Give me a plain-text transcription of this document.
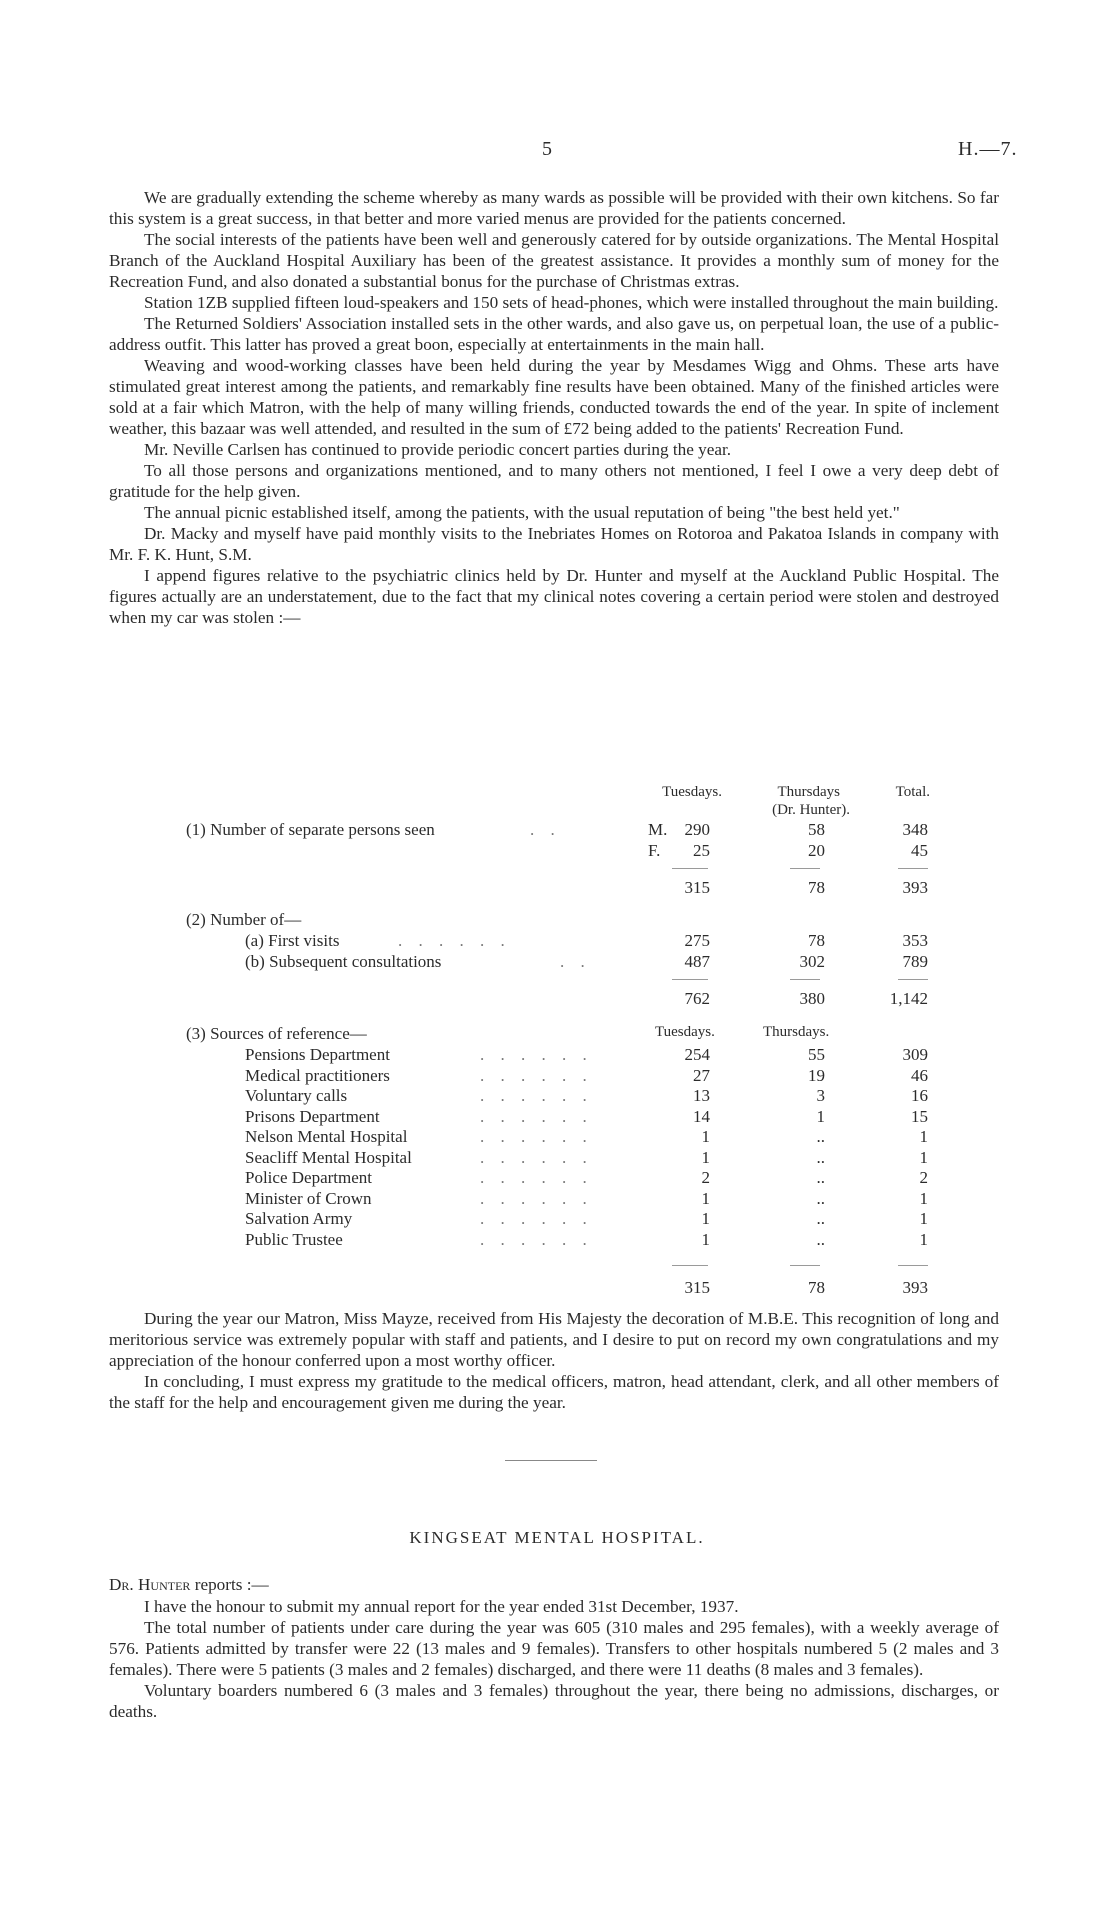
5	H.—7.

We are gradually extending the scheme whereby as many wards as possible will be provided with their own kitchens. So far this system is a great success, in that better and more varied menus are provided for the patients concerned.

The social interests of the patients have been well and generously catered for by outside organizations. The Mental Hospital Branch of the Auckland Hospital Auxiliary has been of the greatest assistance. It provides a monthly sum of money for the Recreation Fund, and also donated a substantial bonus for the purchase of Christmas extras.

Station 1ZB supplied fifteen loud-speakers and 150 sets of head-phones, which were installed throughout the main building.

The Returned Soldiers' Association installed sets in the other wards, and also gave us, on perpetual loan, the use of a public-address outfit. This latter has proved a great boon, especially at entertainments in the main hall.

Weaving and wood-working classes have been held during the year by Mesdames Wigg and Ohms. These arts have stimulated great interest among the patients, and remarkably fine results have been obtained. Many of the finished articles were sold at a fair which Matron, with the help of many willing friends, conducted towards the end of the year. In spite of inclement weather, this bazaar was well attended, and resulted in the sum of £72 being added to the patients' Recreation Fund.

Mr. Neville Carlsen has continued to provide periodic concert parties during the year.

To all those persons and organizations mentioned, and to many others not mentioned, I feel I owe a very deep debt of gratitude for the help given.

The annual picnic established itself, among the patients, with the usual reputation of being "the best held yet."

Dr. Macky and myself have paid monthly visits to the Inebriates Homes on Rotoroa and Pakatoa Islands in company with Mr. F. K. Hunt, S.M.

I append figures relative to the psychiatric clinics held by Dr. Hunter and myself at the Auckland Public Hospital. The figures actually are an understatement, due to the fact that my clinical notes covering a certain period were stolen and destroyed when my car was stolen :—

Tuesdays.	Thursdays	Total.
(Dr. Hunter).
(1) Number of separate persons seen	. .	M.	290	58	348
F.	25	20	45
315	78	393
(2) Number of—
(a) First visits	. . . . . .	275	78	353
(b) Subsequent consultations	. .	487	302	789
762	380	1,142
(3) Sources of reference—	Tuesdays.	Thursdays.
Pensions Department	. . . . . .	254	55	309
Medical practitioners	. . . . . .	27	19	46
Voluntary calls	. . . . . .	13	3	16
Prisons Department	. . . . . .	14	1	15
Nelson Mental Hospital	. . . . . .	1	..	1
Seacliff Mental Hospital	. . . . . .	1	..	1
Police Department	. . . . . .	2	..	2
Minister of Crown	. . . . . .	1	..	1
Salvation Army	. . . . . .	1	..	1
Public Trustee	. . . . . .	1	..	1
315	78	393

During the year our Matron, Miss Mayze, received from His Majesty the decoration of M.B.E. This recognition of long and meritorious service was extremely popular with staff and patients, and I desire to put on record my own congratulations and my appreciation of the honour conferred upon a most worthy officer.

In concluding, I must express my gratitude to the medical officers, matron, head attendant, clerk, and all other members of the staff for the help and encouragement given me during the year.

KINGSEAT MENTAL HOSPITAL.
Dr. Hunter reports :—

I have the honour to submit my annual report for the year ended 31st December, 1937.

The total number of patients under care during the year was 605 (310 males and 295 females), with a weekly average of 576. Patients admitted by transfer were 22 (13 males and 9 females). Transfers to other hospitals numbered 5 (2 males and 3 females). There were 5 patients (3 males and 2 females) discharged, and there were 11 deaths (8 males and 3 females).

Voluntary boarders numbered 6 (3 males and 3 females) throughout the year, there being no admissions, discharges, or deaths.
